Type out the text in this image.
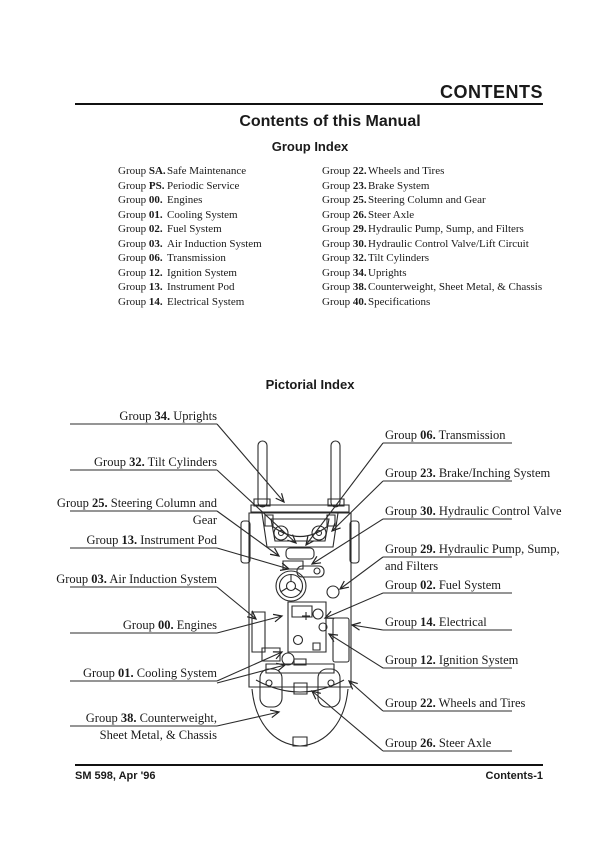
CONTENTS
Contents of this Manual
Group Index
Group SA.Safe Maintenance
Group PS. Periodic Service
Group 00. Engines
Group 01. Cooling System
Group 02. Fuel System
Group 03. Air Induction System
Group 06. Transmission
Group 12. Ignition System
Group 13. Instrument Pod
Group 14. Electrical System
Group 22.Wheels and Tires
Group 23.Brake System
Group 25.Steering Column and Gear
Group 26.Steer Axle
Group 29.Hydraulic Pump, Sump, and Filters
Group 30.Hydraulic Control Valve/Lift Circuit
Group 32.Tilt Cylinders
Group 34.Uprights
Group 38.Counterweight, Sheet Metal, & Chassis
Group 40.Specifications
Pictorial Index
Group 34. Uprights
Group 32. Tilt Cylinders
Group 25. Steering Column and
Gear
Group 13. Instrument Pod
Group 03. Air Induction System
Group 00. Engines
Group 01. Cooling System
Group 38. Counterweight,
Sheet Metal, & Chassis
Group 06. Transmission
Group 23. Brake/Inching System
Group 30. Hydraulic Control Valve
Group 29. Hydraulic Pump, Sump,
and Filters
Group 02. Fuel System
Group 14. Electrical
Group 12. Ignition System
Group 22. Wheels and Tires
Group 26. Steer Axle
SM 598, Apr '96	Contents-1
